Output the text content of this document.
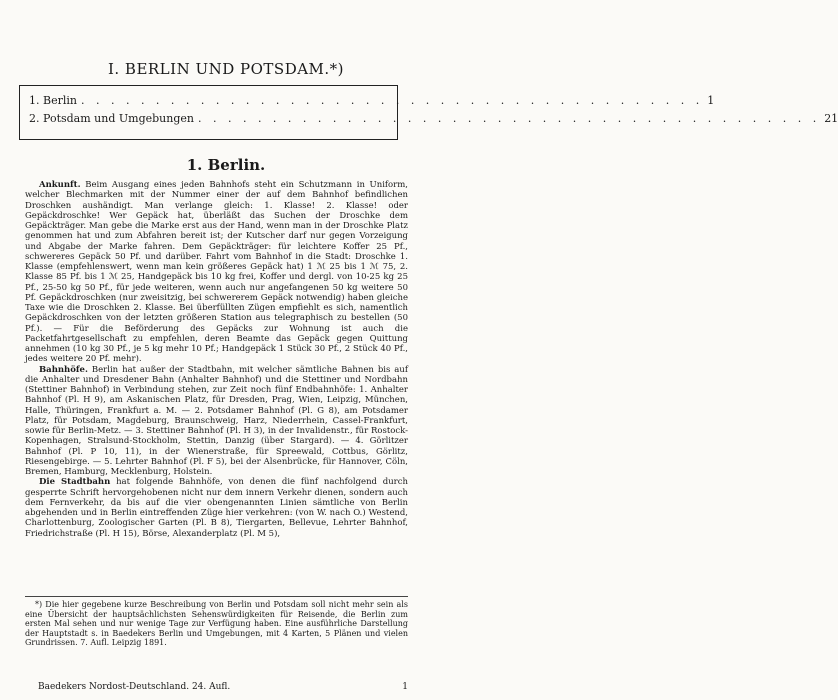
I. BERLIN UND POTSDAM.*)
1. Berlin . . . . . . . . . . . . . . . . . . . . . . . . . . . . . . . . . . . . . . . . . . 1
2. Potsdam und Umgebungen . . . . . . . . . . . . . . . . . . . . . . . . . . . . . . . . . . . . . . . . . . 21
1. Berlin.

Ankunft. Beim Ausgang eines jeden Bahnhofs steht ein Schutzmann in Uniform, welcher Blechmarken mit der Nummer einer der auf dem Bahnhof befindlichen Droschken aushändigt. Man verlange gleich: 1. Klasse! 2. Klasse! oder Gepäckdroschke! Wer Gepäck hat, überläßt das Suchen der Droschke dem Gepäckträger. Man gebe die Marke erst aus der Hand, wenn man in der Droschke Platz genommen hat und zum Abfahren bereit ist; der Kutscher darf nur gegen Vorzeigung und Abgabe der Marke fahren. Dem Gepäckträger: für leichtere Koffer 25 Pf., schwereres Gepäck 50 Pf. und darüber. Fahrt vom Bahnhof in die Stadt: Droschke 1. Klasse (empfehlenswert, wenn man kein größeres Gepäck hat) 1 ℳ 25 bis 1 ℳ 75, 2. Klasse 85 Pf. bis 1 ℳ 25, Handgepäck bis 10 kg frei, Koffer und dergl. von 10-25 kg 25 Pf., 25-50 kg 50 Pf., für jede weiteren, wenn auch nur angefangenen 50 kg weitere 50 Pf. Gepäckdroschken (nur zweisitzig, bei schwererem Gepäck notwendig) haben gleiche Taxe wie die Droschken 2. Klasse. Bei überfüllten Zügen empfiehlt es sich, namentlich Gepäckdroschken von der letzten größeren Station aus telegraphisch zu bestellen (50 Pf.). — Für die Beförderung des Gepäcks zur Wohnung ist auch die Packetfahrtgesellschaft zu empfehlen, deren Beamte das Gepäck gegen Quittung annehmen (10 kg 30 Pf., je 5 kg mehr 10 Pf.; Handgepäck 1 Stück 30 Pf., 2 Stück 40 Pf., jedes weitere 20 Pf. mehr).

Bahnhöfe. Berlin hat außer der Stadtbahn, mit welcher sämtliche Bahnen bis auf die Anhalter und Dresdener Bahn (Anhalter Bahnhof) und die Stettiner und Nordbahn (Stettiner Bahnhof) in Verbindung stehen, zur Zeit noch fünf Endbahnhöfe: 1. Anhalter Bahnhof (Pl. H 9), am Askanischen Platz, für Dresden, Prag, Wien, Leipzig, München, Halle, Thüringen, Frankfurt a. M. — 2. Potsdamer Bahnhof (Pl. G 8), am Potsdamer Platz, für Potsdam, Magdeburg, Braunschweig, Harz, Niederrhein, Cassel-Frankfurt, sowie für Berlin-Metz. — 3. Stettiner Bahnhof (Pl. H 3), in der Invalidenstr., für Rostock-Kopenhagen, Stralsund-Stockholm, Stettin, Danzig (über Stargard). — 4. Görlitzer Bahnhof (Pl. P 10, 11), in der Wienerstraße, für Spreewald, Cottbus, Görlitz, Riesengebirge. — 5. Lehrter Bahnhof (Pl. F 5), bei der Alsenbrücke, für Hannover, Cöln, Bremen, Hamburg, Mecklenburg, Holstein.

Die Stadtbahn hat folgende Bahnhöfe, von denen die fünf nachfolgend durch gesperrte Schrift hervorgehobenen nicht nur dem innern Verkehr dienen, sondern auch dem Fernverkehr, da bis auf die vier obengenannten Linien sämtliche von Berlin abgehenden und in Berlin eintreffenden Züge hier verkehren: (von W. nach O.) Westend, Charlottenburg, Zoologischer Garten (Pl. B 8), Tiergarten, Bellevue, Lehrter Bahnhof, Friedrichstraße (Pl. H 15), Börse, Alexanderplatz (Pl. M 5),

*) Die hier gegebene kurze Beschreibung von Berlin und Potsdam soll nicht mehr sein als eine Übersicht der hauptsächlichsten Sehenswürdigkeiten für Reisende, die Berlin zum ersten Mal sehen und nur wenige Tage zur Verfügung haben. Eine ausführliche Darstellung der Hauptstadt s. in Baedekers Berlin und Umgebungen, mit 4 Karten, 5 Plänen und vielen Grundrissen. 7. Aufl. Leipzig 1891.

Baedekers Nordost-Deutschland. 24. Aufl.	1
